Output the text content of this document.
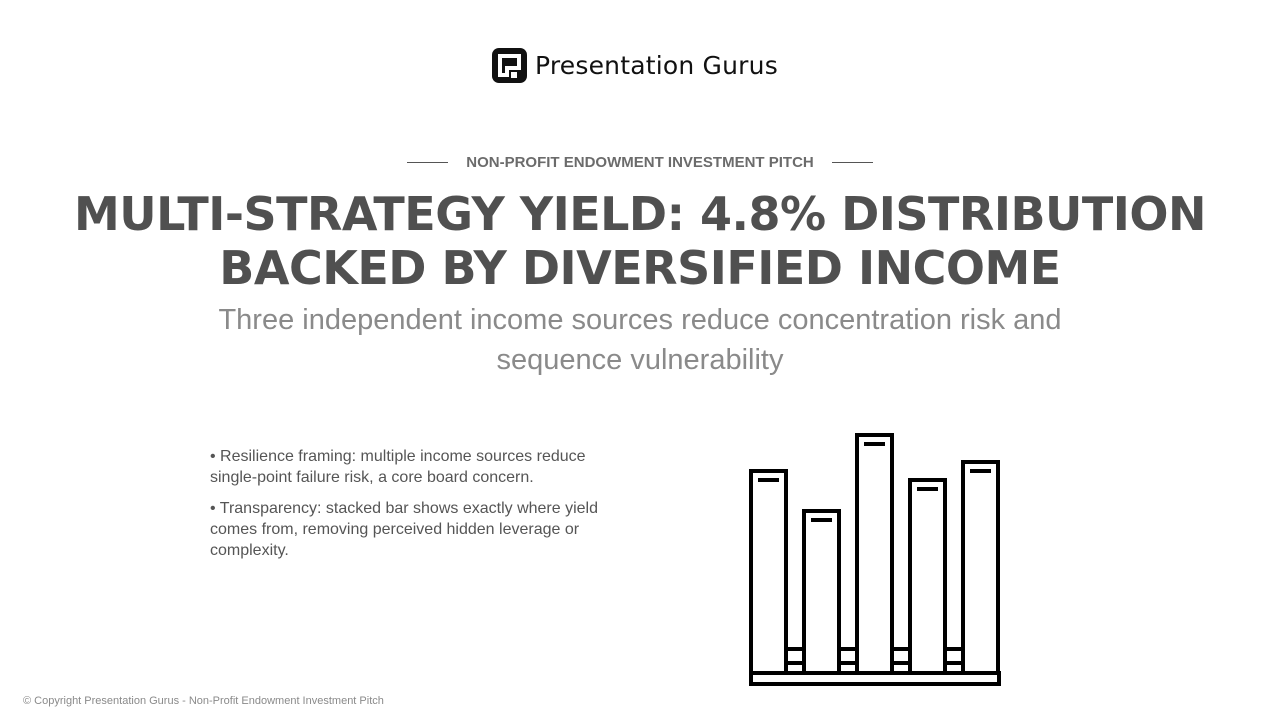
Presentation Gurus
NON-PROFIT ENDOWMENT INVESTMENT PITCH
MULTI-STRATEGY YIELD: 4.8% DISTRIBUTION BACKED BY DIVERSIFIED INCOME

Three independent income sources reduce concentration risk and sequence vulnerability

• Resilience framing: multiple income sources reduce single-point failure risk, a core board concern.

• Transparency: stacked bar shows exactly where yield comes from, removing perceived hidden leverage or complexity.

© Copyright Presentation Gurus - Non-Profit Endowment Investment Pitch
